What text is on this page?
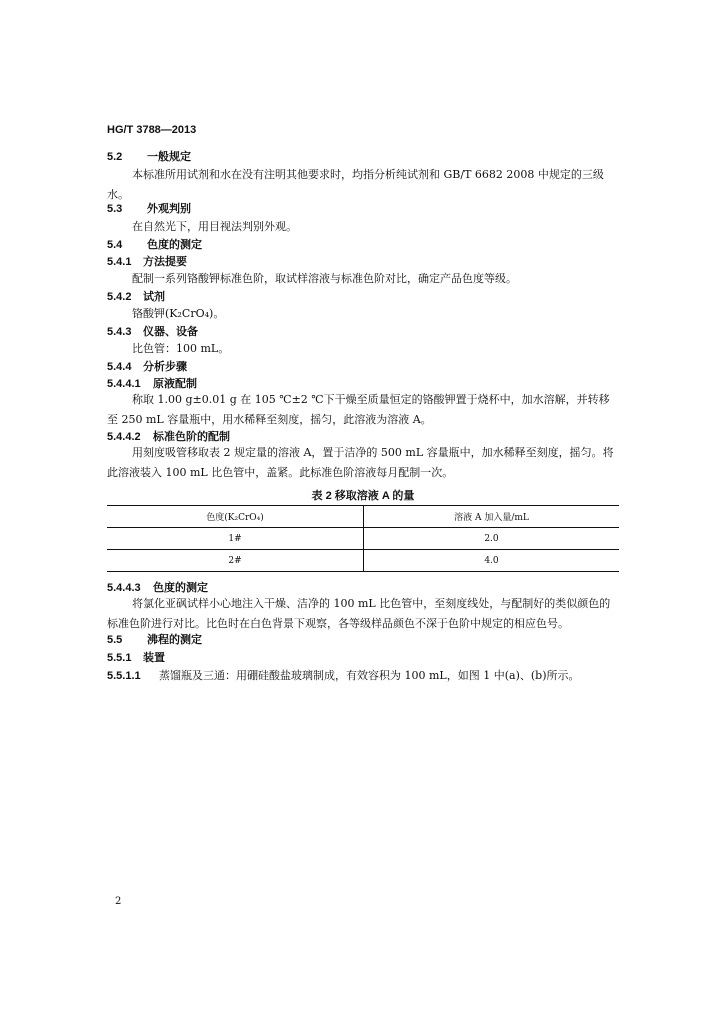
HG/T 3788—2013
5.2 一般规定
本标准所用试剂和水在没有注明其他要求时，均指分析纯试剂和 GB/T 6682 2008 中规定的三级水。
5.3 外观判别
在自然光下，用目视法判别外观。
5.4 色度的测定
5.4.1 方法提要
配制一系列铬酸钾标准色阶，取试样溶液与标准色阶对比，确定产品色度等级。
5.4.2 试剂
铬酸钾(K₂CrO₄)。
5.4.3 仪器、设备
比色管：100 mL。
5.4.4 分析步骤
5.4.4.1 原液配制
称取 1.00 g±0.01 g 在 105 ℃±2 ℃下干燥至质量恒定的铬酸钾置于烧杯中，加水溶解，并转移至 250 mL 容量瓶中，用水稀释至刻度，摇匀，此溶液为溶液 A。
5.4.4.2 标准色阶的配制
用刻度吸管移取表 2 规定量的溶液 A，置于洁净的 500 mL 容量瓶中，加水稀释至刻度，摇匀。将此溶液装入 100 mL 比色管中，盖紧。此标准色阶溶液每月配制一次。
表 2 移取溶液 A 的量
色度(K₂CrO₄)	溶液 A 加入量/mL
1#	2.0
2#	4.0
5.4.4.3 色度的测定
将氯化亚砜试样小心地注入干燥、洁净的 100 mL 比色管中，至刻度线处，与配制好的类似颜色的标准色阶进行对比。比色时在白色背景下观察，各等级样品颜色不深于色阶中规定的相应色号。
5.5 沸程的测定
5.5.1 装置
5.5.1.1 蒸馏瓶及三通：用硼硅酸盐玻璃制成，有效容积为 100 mL，如图 1 中(a)、(b)所示。
2
